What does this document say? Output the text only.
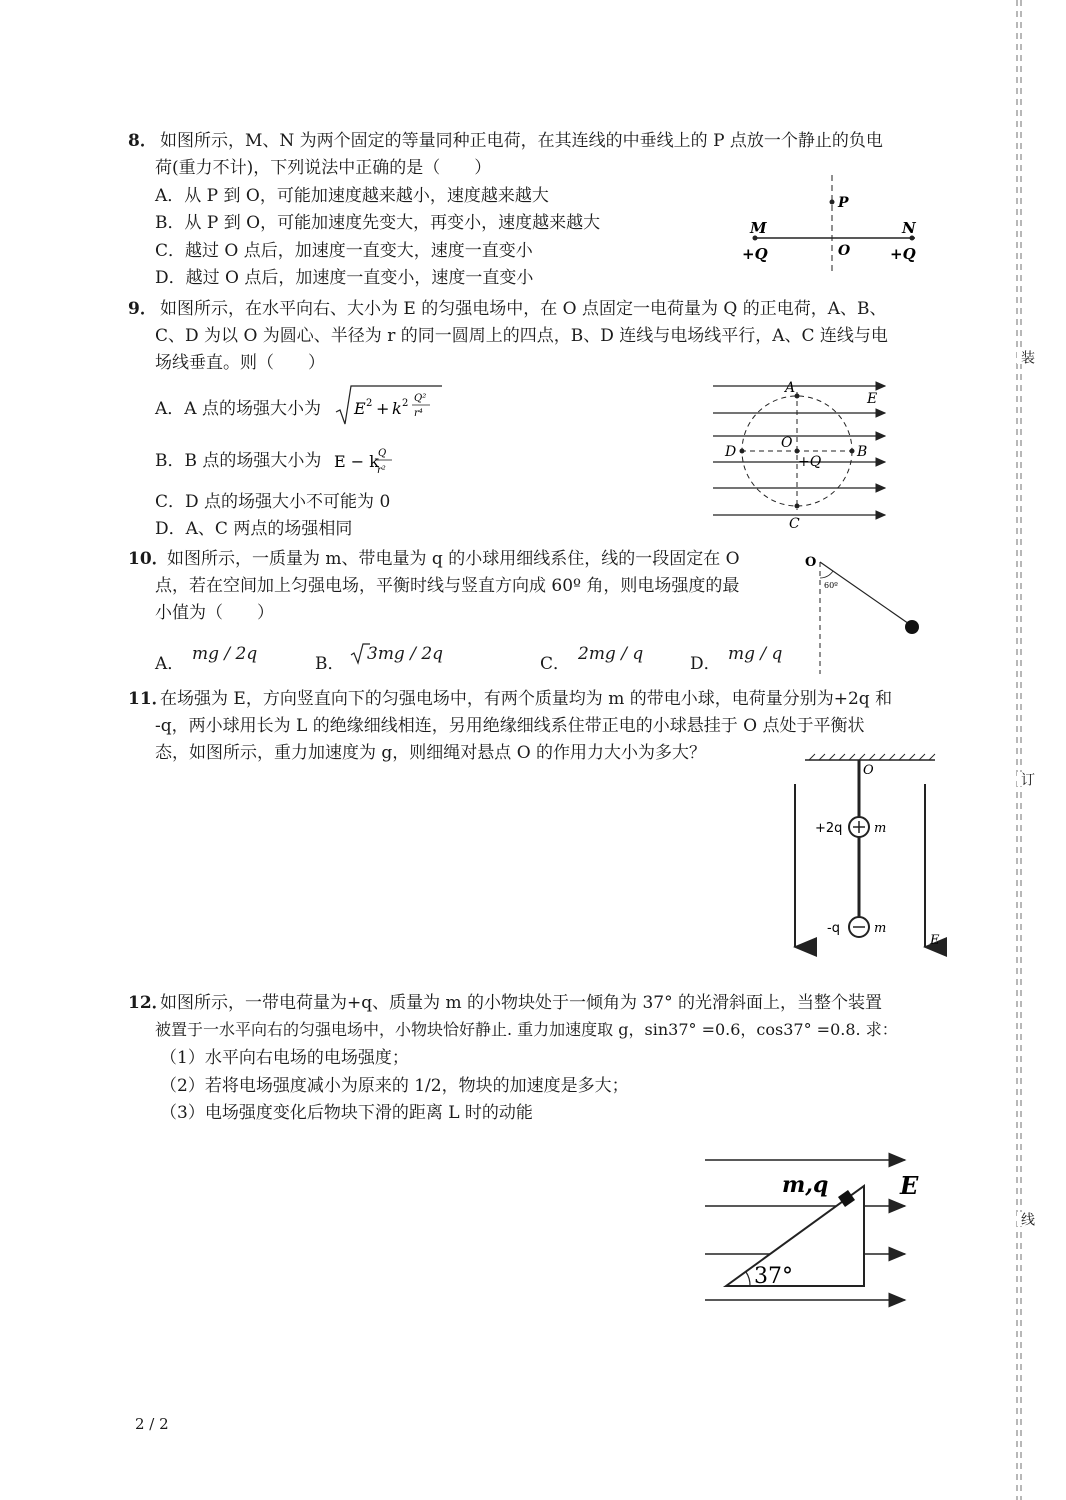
装
订
线
8． 如图所示，M、N 为两个固定的等量同种正电荷，在其连线的中垂线上的 P 点放一个静止的负电
荷(重力不计)，下列说法中正确的是（　　）
A．从 P 到 O，可能加速度越来越小，速度越来越大
B．从 P 到 O，可能加速度先变大，再变小，速度越来越大
C．越过 O 点后，加速度一直变大，速度一直变小
D．越过 O 点后，加速度一直变小，速度一直变小
M	N
P
O
+Q	+Q
9． 如图所示，在水平向右、大小为 E 的匀强电场中，在 O 点固定一电荷量为 Q 的正电荷，A、B、
C、D 为以 O 为圆心、半径为 r 的同一圆周上的四点，B、D 连线与电场线平行，A、C 连线与电
场线垂直。则（　　）
A．A 点的场强大小为 E 2 + k 2 Q²
r⁴
B．B 点的场强大小为 E − k Q
r²
C．D 点的场强大小不可能为 0
D．A、C 两点的场强相同
A
B
C
D
O
+Q
E
10．
如图所示，一质量为 m、带电量为 q 的小球用细线系住，线的一段固定在 O
点，若在空间加上匀强电场，平衡时线与竖直方向成 60º 角，则电场强度的最
小值为（　　）
A． mg / 2q	B． 3mg / 2q	C． 2mg / q	D． mg / q
O
60º
11．
在场强为 E，方向竖直向下的匀强电场中，有两个质量均为 m 的带电小球，电荷量分别为+2q 和
-q，两小球用长为 L 的绝缘细线相连，另用绝缘细线系住带正电的小球悬挂于 O 点处于平衡状
态，如图所示，重力加速度为 g，则细绳对悬点 O 的作用力大小为多大？
O
+2q m
-q	m
E
12．
如图所示，一带电荷量为+q、质量为 m 的小物块处于一倾角为 37° 的光滑斜面上，当整个装置
被置于一水平向右的匀强电场中，小物块恰好静止. 重力加速度取 g，sin37° =0.6，cos37° =0.8. 求：
（1）水平向右电场的电场强度；
（2）若将电场强度减小为原来的 1/2，物块的加速度是多大；
（3）电场强度变化后物块下滑的距离 L 时的动能
m,q	E
37°
2 / 2
